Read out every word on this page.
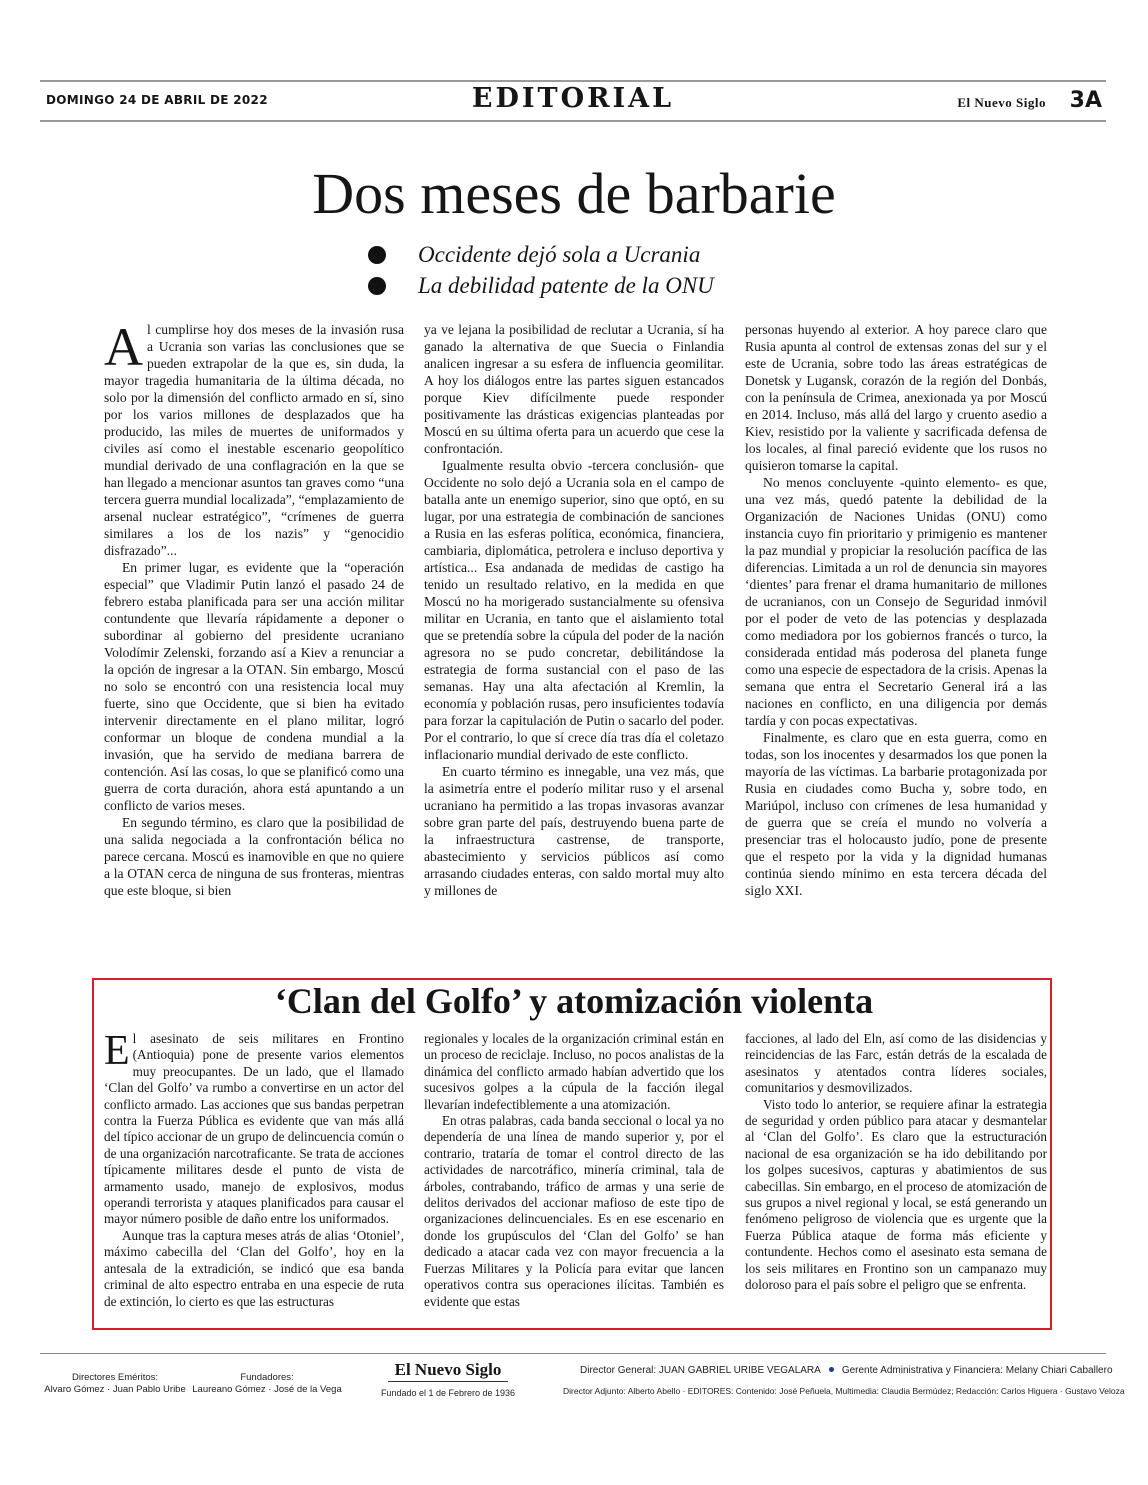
DOMINGO 24 DE ABRIL DE 2022	EDITORIAL	El Nuevo Siglo 3A
Dos meses de barbarie
Occidente dejó sola a Ucrania
La debilidad patente de la ONU

Al cumplirse hoy dos meses de la invasión rusa a Ucrania son varias las conclusiones que se pueden extrapolar de la que es, sin duda, la mayor tragedia humanitaria de la última década, no solo por la dimensión del conflicto armado en sí, sino por los varios millones de desplazados que ha producido, las miles de muertes de uniformados y civiles así como el inestable escenario geopolítico mundial derivado de una conflagración en la que se han llegado a mencionar asuntos tan graves como “una tercera guerra mundial localizada”, “emplazamiento de arsenal nuclear estratégico”, “crímenes de guerra similares a los de los nazis” y “genocidio disfrazado”...

En primer lugar, es evidente que la “operación especial” que Vladimir Putin lanzó el pasado 24 de febrero estaba planificada para ser una acción militar contundente que llevaría rápidamente a deponer o subordinar al gobierno del presidente ucraniano Volodímir Zelenski, forzando así a Kiev a renunciar a la opción de ingresar a la OTAN. Sin embargo, Moscú no solo se encontró con una resistencia local muy fuerte, sino que Occidente, que si bien ha evitado intervenir directamente en el plano militar, logró conformar un bloque de condena mundial a la invasión, que ha servido de mediana barrera de contención. Así las cosas, lo que se planificó como una guerra de corta duración, ahora está apuntando a un conflicto de varios meses.

En segundo término, es claro que la posibilidad de una salida negociada a la confrontación bélica no parece cercana. Moscú es inamovible en que no quiere a la OTAN cerca de ninguna de sus fronteras, mientras que este bloque, si bien

ya ve lejana la posibilidad de reclutar a Ucrania, sí ha ganado la alternativa de que Suecia o Finlandia analicen ingresar a su esfera de influencia geomilitar. A hoy los diálogos entre las partes siguen estancados porque Kiev difícilmente puede responder positivamente las drásticas exigencias planteadas por Moscú en su última oferta para un acuerdo que cese la confrontación.

Igualmente resulta obvio -tercera conclusión- que Occidente no solo dejó a Ucrania sola en el campo de batalla ante un enemigo superior, sino que optó, en su lugar, por una estrategia de combinación de sanciones a Rusia en las esferas política, económica, financiera, cambiaria, diplomática, petrolera e incluso deportiva y artística... Esa andanada de medidas de castigo ha tenido un resultado relativo, en la medida en que Moscú no ha morigerado sustancialmente su ofensiva militar en Ucrania, en tanto que el aislamiento total que se pretendía sobre la cúpula del poder de la nación agresora no se pudo concretar, debilitándose la estrategia de forma sustancial con el paso de las semanas. Hay una alta afectación al Kremlin, la economía y población rusas, pero insuficientes todavía para forzar la capitulación de Putin o sacarlo del poder. Por el contrario, lo que sí crece día tras día el coletazo inflacionario mundial derivado de este conflicto.

En cuarto término es innegable, una vez más, que la asimetría entre el poderío militar ruso y el arsenal ucraniano ha permitido a las tropas invasoras avanzar sobre gran parte del país, destruyendo buena parte de la infraestructura castrense, de transporte, abastecimiento y servicios públicos así como arrasando ciudades enteras, con saldo mortal muy alto y millones de

personas huyendo al exterior. A hoy parece claro que Rusia apunta al control de extensas zonas del sur y el este de Ucrania, sobre todo las áreas estratégicas de Donetsk y Lugansk, corazón de la región del Donbás, con la península de Crimea, anexionada ya por Moscú en 2014. Incluso, más allá del largo y cruento asedio a Kiev, resistido por la valiente y sacrificada defensa de los locales, al final pareció evidente que los rusos no quisieron tomarse la capital.

No menos concluyente -quinto elemento- es que, una vez más, quedó patente la debilidad de la Organización de Naciones Unidas (ONU) como instancia cuyo fin prioritario y primigenio es mantener la paz mundial y propiciar la resolución pacífica de las diferencias. Limitada a un rol de denuncia sin mayores ‘dientes’ para frenar el drama humanitario de millones de ucranianos, con un Consejo de Seguridad inmóvil por el poder de veto de las potencias y desplazada como mediadora por los gobiernos francés o turco, la considerada entidad más poderosa del planeta funge como una especie de espectadora de la crisis. Apenas la semana que entra el Secretario General irá a las naciones en conflicto, en una diligencia por demás tardía y con pocas expectativas.

Finalmente, es claro que en esta guerra, como en todas, son los inocentes y desarmados los que ponen la mayoría de las víctimas. La barbarie protagonizada por Rusia en ciudades como Bucha y, sobre todo, en Mariúpol, incluso con crímenes de lesa humanidad y de guerra que se creía el mundo no volvería a presenciar tras el holocausto judío, pone de presente que el respeto por la vida y la dignidad humanas continúa siendo mínimo en esta tercera década del siglo XXI.

‘Clan del Golfo’ y atomización violenta

El asesinato de seis militares en Frontino (Antioquia) pone de presente varios elementos muy preocupantes. De un lado, que el llamado ‘Clan del Golfo’ va rumbo a convertirse en un actor del conflicto armado. Las acciones que sus bandas perpetran contra la Fuerza Pública es evidente que van más allá del típico accionar de un grupo de delincuencia común o de una organización narcotraficante. Se trata de acciones típicamente militares desde el punto de vista de armamento usado, manejo de explosivos, modus operandi terrorista y ataques planificados para causar el mayor número posible de daño entre los uniformados.

Aunque tras la captura meses atrás de alias ‘Otoniel’, máximo cabecilla del ‘Clan del Golfo’, hoy en la antesala de la extradición, se indicó que esa banda criminal de alto espectro entraba en una especie de ruta de extinción, lo cierto es que las estructuras

regionales y locales de la organización criminal están en un proceso de reciclaje. Incluso, no pocos analistas de la dinámica del conflicto armado habían advertido que los sucesivos golpes a la cúpula de la facción ilegal llevarían indefectiblemente a una atomización.

En otras palabras, cada banda seccional o local ya no dependería de una línea de mando superior y, por el contrario, trataría de tomar el control directo de las actividades de narcotráfico, minería criminal, tala de árboles, contrabando, tráfico de armas y una serie de delitos derivados del accionar mafioso de este tipo de organizaciones delincuenciales. Es en ese escenario en donde los grupúsculos del ‘Clan del Golfo’ se han dedicado a atacar cada vez con mayor frecuencia a la Fuerzas Militares y la Policía para evitar que lancen operativos contra sus operaciones ilícitas. También es evidente que estas

facciones, al lado del Eln, así como de las disidencias y reincidencias de las Farc, están detrás de la escalada de asesinatos y atentados contra líderes sociales, comunitarios y desmovilizados.

Visto todo lo anterior, se requiere afinar la estrategia de seguridad y orden público para atacar y desmantelar al ‘Clan del Golfo’. Es claro que la estructuración nacional de esa organización se ha ido debilitando por los golpes sucesivos, capturas y abatimientos de sus cabecillas. Sin embargo, en el proceso de atomización de sus grupos a nivel regional y local, se está generando un fenómeno peligroso de violencia que es urgente que la Fuerza Pública ataque de forma más eficiente y contundente. Hechos como el asesinato esta semana de los seis militares en Frontino son un campanazo muy doloroso para el país sobre el peligro que se enfrenta.

Directores Eméritos:
Alvaro Gómez · Juan Pablo Uribe
Fundadores:
Laureano Gómez · José de la Vega
El Nuevo Siglo
Fundado el 1 de Febrero de 1936
Director General: JUAN GABRIEL URIBE VEGALARA Gerente Administrativa y Financiera: Melany Chiari Caballero
Director Adjunto: Alberto Abello · EDITORES: Contenido: José Peñuela, Multimedia: Claudia Bermúdez; Redacción: Carlos Higuera · Gustavo Veloza
